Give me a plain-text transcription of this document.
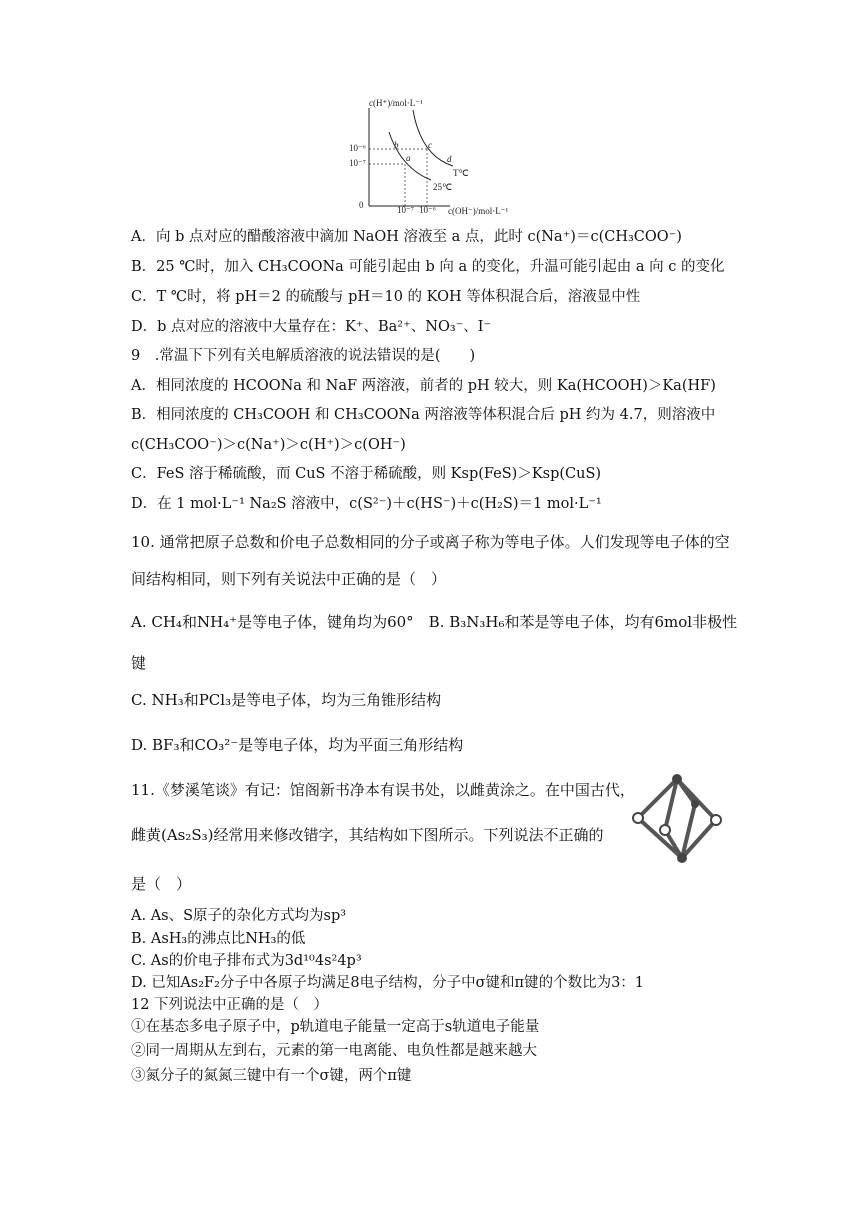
c(H⁺)/mol·L⁻¹
c(OH⁻)/mol·L⁻¹
10⁻⁶
10⁻⁷
10⁻⁷ 10⁻⁶
0
b	c
a	d
T℃
25℃
A．向 b 点对应的醋酸溶液中滴加 NaOH 溶液至 a 点，此时 c(Na⁺)＝c(CH₃COO⁻)
B．25 ℃时，加入 CH₃COONa 可能引起由 b 向 a 的变化，升温可能引起由 a 向 c 的变化
C．T ℃时，将 pH＝2 的硫酸与 pH＝10 的 KOH 等体积混合后，溶液显中性
D．b 点对应的溶液中大量存在：K⁺、Ba²⁺、NO₃⁻、I⁻
9　.常温下下列有关电解质溶液的说法错误的是(　　)
A．相同浓度的 HCOONa 和 NaF 两溶液，前者的 pH 较大，则 Ka(HCOOH)＞Ka(HF)
B．相同浓度的 CH₃COOH 和 CH₃COONa 两溶液等体积混合后 pH 约为 4.7，则溶液中
c(CH₃COO⁻)＞c(Na⁺)＞c(H⁺)＞c(OH⁻)
C．FeS 溶于稀硫酸，而 CuS 不溶于稀硫酸，则 Ksp(FeS)＞Ksp(CuS)
D．在 1 mol·L⁻¹ Na₂S 溶液中，c(S²⁻)＋c(HS⁻)＋c(H₂S)＝1 mol·L⁻¹
10. 通常把原子总数和价电子总数相同的分子或离子称为等电子体。人们发现等电子体的空
间结构相同，则下列有关说法中正确的是（　）
A. CH₄和NH₄⁺是等电子体，键角均为60°　B. B₃N₃H₆和苯是等电子体，均有6mol非极性
键
C. NH₃和PCl₃是等电子体，均为三角锥形结构
D. BF₃和CO₃²⁻是等电子体，均为平面三角形结构
11.《梦溪笔谈》有记：馆阁新书净本有误书处，以雌黄涂之。在中国古代，
雌黄(As₂S₃)经常用来修改错字，其结构如下图所示。下列说法不正确的
是（　）
A. As、S原子的杂化方式均为sp³
B. AsH₃的沸点比NH₃的低
C. As的价电子排布式为3d¹⁰4s²4p³
D. 已知As₂F₂分子中各原子均满足8电子结构，分子中σ键和π键的个数比为3：1
12 下列说法中正确的是（　）
①在基态多电子原子中，p轨道电子能量一定高于s轨道电子能量
②同一周期从左到右，元素的第一电离能、电负性都是越来越大
③氮分子的氮氮三键中有一个σ键，两个π键
